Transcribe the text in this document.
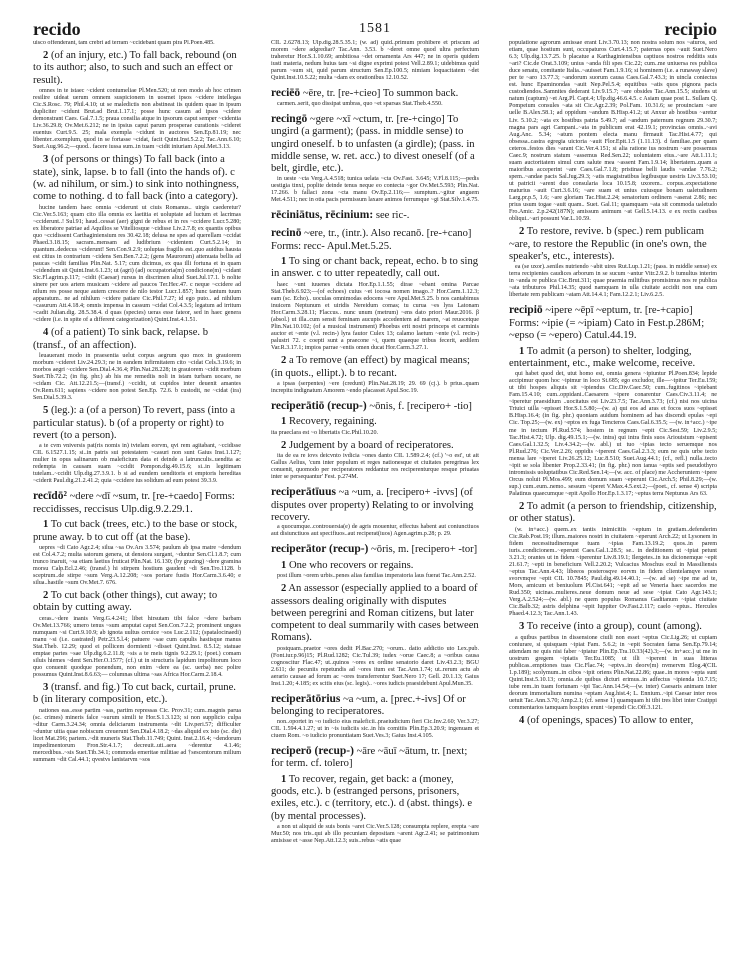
recido	1581	recipio

uisco offenderant, tam crebri ad terram ~ccidebant quam pira Pl.Poen.485.

2 (of an injury, etc.) To fall back, rebound (on to its author; also, to such and such an effect or result).

omnes in te istaec ~cident contumeliae Pl.Men.520; ut non modo ab hoc crimen resilire uideat uerum omnem suspicionem in uosmet ipsos ~cidere intellegas Cic.S.Rosc. 79; Phil.4.10; ut se maledictis non abstineat iis quidem quae in ipsum dupliciter ~cidunt Brut.ad Brut.1.17.1; posse hunc casum ad ipsos ~cidere demonstrant Caes. Gal.7.1.5; praua consilia atque in ipsorum caput semper ~cidentia Liv.36.29.8; Ov.Met.6.212; ne in ipsius caput parum prosperae curationis ~cideret euentus Curt.9.5. 25; mala exempla ~cidunt in auctores Sen.Ep.81.19; nec libenter..exemplum, quod in se fortasse ~cidat, facit Quint.Inst.5.2.2; Tac.Ann.6.10; Suet.Aug.96.2;—quod.. facere iussa sum..in tuam ~cidit iniuriam Apul.Met.3.13.

3 (of persons or things) To fall back (into a state), sink, lapse. b to fall (into the hands of). c (w. ad nihilum, or sim.) to sink into nothingness, come to nothing. d to fall back (into a category).

hucine tandem haec omnia ~ciderunt ut ciuis Romanus.. uirgis caederetur? Cic.Ver.5.163; quam cito illa omnia ex laetitia et uoluptate ad luctum et lacrimas ~cciderunt..! Sul.91; haud..cessat (aer) gigni de rebus et in res ~ccidere Lucr.5.280; ex liberatore patriae ad Aquilios se Vitelliosque ~cidisse Liv.2.7.8; ex quantis opibus quo ~ccidissent Carthaginiensium res 30.42.18; delusa ne spes ad querellam ~ccidat Phaed.3.18.15; sacram..mensam ad ludibrium ~cidentem Curt.5.2.14; in quantum..dedecus ~ciderunt! Sen.Con.9.2.9; uoluptas fragilis est..quo auidius hausta est citius in contrarium ~cidens Sen.Ben.7.2.2; (gens Maurorum) attenuata bellis ad paucas ~cidit familias Plin.Nat. 5.17; cum dicimus, ex qua illi fortuna et in quam ~cidendum sit Quint.Inst.6.1.23; ut (agri) (ad) occupatoria(m) condicione(m) ~cidant Sic.Fl.agrim.p.117; ~cidit (Caesar) rursus in discrimen aliud Suet.Jul.17.1. b nolite sinere per uos artem musicam ~cidere ad paucos Ter.Hec.47. c neque ~ccidere ad nilum res posse neque autem crescere de nilo testor Lucr.1.857; hunc tantum tuum apparatum.. ne ad nihilum ~cidere patiare Cic.Phil.7.27; id ego puto.. ad nihilum ~casurum Att.4.18.4; omnis impensa in cassum ~cidat Col.4.3.5; legatum ad irritum ~cadit Julian.dig. 28.5.38.4. d quas (species) ueras esse fateor, sed in haec genera ~cidere (i.e. in spite of a different categorization) Quint.Inst.4.1.51.

4 (of a patient) To sink back, relapse. b (transf., of an affection).

leuauerant modo in praesentia uelut corpus aegrum quo mox in grauiorem morbum ~cideret Liv.24.29.3; ne in eandem infirmitatem cito ~cidat Cels.3.19.6; in morbos aegri ~ccidere Sen.Dial.4.36.4; Plin.Nat.28.228; in grauiorem ~cidit morbum Suet.Tib.72.2; (in fig. phr.) ab his me remediis noli in istam turbam uocare, ne ~cidam Cic. Att.12.21.5;—(transf.) ~ccidit, ut cupidos inter deuenit amantes Ov.Rem.611; sapiens ~cidere non potest Sen.Ep. 72.6. b custodit, ne ~cidat (ira) Sen.Dial.5.39.3.

5 (leg.): a (of a person) To revert, pass (into a particular status). b (of a property or right) to revert (to a person).

a te cvm vniversis pat(ris nomis in) tvtelam eorvm, qvi rem agitabant, ~ccidisse CIL 6.1527.1.15; si..in patris sui potestatem ~casuri non sunt Gaius Inst.1.127; mulier in opus salinarum ob maleficium data et deinde a latrunculis..uendita ac redempta in causam suam ~ccidit Pompon.dig.49.15.6; si..in legitimam tutelam..~ccidit Ulp.dig.27.3.9.1. b si ad eundem uenditoris et emptoris hereditas ~ciderit Paul.dig.21.2.41.2; quia ~ccidere ius solidum ad eum potest 39.3.9.

recīdō² ~dere ~dī ~sum, tr. [re-+caedo] Forms: reccidisses, reccisus Ulp.dig.9.2.29.1.
1 To cut back (trees, etc.) to the base or stock, prune away. b to cut off (at the base).

uepres ~di Cato Agr.2.4; silua ~sa Ov.Ars 3.574; paulum ab ipsa matre ~dendum est Col.4.7.2; multa satorum genera, ut densiora surgant, ~duntur Sen.Cl.1.8.7; cum trunco inaruit, ~sa etiam laetius fruticat Plin.Nat. 16.130; (by grazing) ~dere gramina morsu Calp.Ecl.2.46; (transf.) hi stirpem hostium gaudent ~di Sen.Tro.1128. b sceptrum..de stirpe ~sum Verg.A.12.208; ~sos portare fustis Hor.Carm.3.6.40; e silua..hastile ~sum Ov.Met.7. 676.

2 To cut back (other things), cut away; to obtain by cutting away.

ceras..~dere inanis Verg.G.4.241; libet hirsutam tibi falce ~dere barbam Ov.Met.13.766; umero tenus ~sum amputat caput Sen.Con.7.2.2; prominent ungues numquam ~si Curt.9.10.9; ab ignota uultus ceruice ~sos Luc.2.112; (spatalocinaedi) manu ~si (i.e. castrated) Petr.23.5.l.4; patuere ~sae cum capulis hastisque manus Stat.Theb. 12.29; quod ei pollicem dormienti ~disset Quint.Inst. 8.5.12; statuae emptae partes ~sae Ulp.dig.6.2.11.8; ~sis a te meis tignis 9.2.29.1; (poet.) comam siluis hiemes ~dent Sen.Her.O.1577; (cf.) ut in structuris lapidum impolitorum loco quo conuenit quodque ponendum, non enim ~dere ea (sc. uerba) nec polire possumus Quint.Inst.8.6.63;— columnas ultima ~sas Africa Hor.Carm.2.18.4.

3 (transf. and fig.) To cut back, curtail, prune. b (in literary composition, etc.).

nationes eas..esse partim ~sas, partim repressas Cic. Prov.31; cum..magnis parua (sc. crimes) mineris falce ~surum simili te Hor.S.1.3.123; si non supplicio culpa ~ditur Carm.3.24.34; omnia deliciarum instrumenta ~dit Liv.peri.57; difficulter ~duntur uitia quae nobiscum creuerunt Sen.Dial.4.18.2; ~das aliquid ex isto (sc. die) licet Mat.296; partem..~dit muneris Stat.Theb.11.749; Quint. Inst.2.16.4; ~dendorum impedimentorum Fron.Str.4.1.7; decreuit..uti..aera ~derentur 4.1.46; mercedibus..~sis Suet.Tib.34.1; commoda emeritae militiae ad †sescentorum milium summam ~dit Cal.44.1; qvestvs lanistarvm ~sos

CIL 2.6278.13; Ulp.dig.28.5.35.1; (w. ad) quid..primum prohibere et priscum ad morem ~dere adgrediar? Tac.Ann. 3.53. b ~deret omne quod ultra perfectum traheretur Hor.S.1.10.69; ambitiosa ~det ornamenta Ars 447; ne in operis quidem iusti materia, nedum huius tam ~si digne exprimi potest Vell.2.89.1; uidebimus quid parum ~sum sit, quid parum structum Sen.Ep.100.5; nimiam loquacitatem ~det Quint.Inst.10.5.22; multa ~dam ex orationibus 12.10.52.

reciēō ~ēre, tr. [re-+cieo] To summon back.

carmen..serit, quo dissipat umbras, quo ~et sparsas Stat.Theb.4.550.

recingō ~gere ~xī ~ctum, tr. [re-+cingo] To ungird (a garment); (pass. in middle sense) to ungird oneself. b to unfasten (a girdle); (pass. in middle sense, w. ret. acc.) to divest oneself (of a belt, girdle, etc.).

in ueste ~cta Verg.A.4.518; tunica uelata ~cta Ov.Fast. 3.645; V.Fl.8.115;—pedis uestigia tinxi, poplite deinde tenus neque eo contecta ~gor Ov.Met.5.593; Plin.Nat. 17.266. b fallaci zona ~cta manu Ov.Ep.2.116;— sumptum..~gitur anguem Met.4.511; nec in otia pacis permissum laxare animos ferrumque ~gi Stat.Silv.1.4.75.

rēciniātus, rēcinium: see ric-.
recinō ~ere, tr., (intr.). Also recanō. [re-+cano] Forms: recc- Apul.Met.5.25.
1 To sing or chant back, repeat, echo. b to sing in answer. c to utter repeatedly, call out.

haec ~unt iuuenes dictata Hor.Ep.1.1.55; dirae ~ebant omina Parcae Stat.Theb.6.923;—(of echoes) cuius ~et iocosa nomen imago..? Hor.Carm.1.12.3; eam (sc. Echo).. uoculas omnimodas edocens ~ere Apul.Met.5.25. b nos cantabimus inuicem Neptunum et uiridis Nereidum comas; tu curua ~es lyra Latonam Hor.Carm.3.28.11; Flaccus.. nunc unum (metrum) ~ens dato priori Maur.2016. β (absol.) ut illa..cum sensit feminam aucupis accedentem ad marem, ~at reuocetque Plin.Nat.10.102; (of a musical instrument) Phoebus erit nostri princeps et carminis auctor et ~ente (v.l. recin-) lyra fautor Culex 13; calamo laetum ~ente (v.l. recin-) palustri 72. c coepti sunt a praecone ~i, quem quaeque tribus fecerit, aedilem Var.R.3.17.1; impios parrae ~entis omen ducat Hor.Carm.3.27.1.

2 a To remove (an effect) by magical means; (in quots., ellipt.). b to recant.

a ipsas (serpentes) ~ere (credunt) Plin.Nat.28.19; 29. 69 (cj.). b prius..quam increpitu indignatum Amorem ~endo placasset Apul.Soc.19.

reciperātiō (recup-) ~ōnis, f. [recipero+ -tio]
1 Recovery, regaining.

ita praeclara est ~o libertatis Cic.Phil.10.20.

2 Judgement by a board of reciperatores.

ita de ea re iovs deicvnto ivdicia ~ones danto CIL 1.589.2.4; (cf.) '~o est', ut ait Gallus Aelius, 'cum inter populum et reges nationesque et ciuitates peregrinas lex conuenit, quomodo per reciperatores reddantur res reciperenturque resque priuatas inter se persequantur' Fest. p.274M.

reciperātīuus ~a ~um, a. [recipero+ -ivvs] (of disputes over property) Relating to or involving recovery.

a quocumque..controuersia(e) de agris mouentur, effectus habent aut coniunctiuos aut disiunctiuos aut specifiuos..aut reciperat(iuos) Agen.agrim.p.28; p. 29.

reciperātor (recup-) ~ōris, m. [recipero+ -tor]
1 One who recovers or regains.

post illum ~orem urbis..penes alias familias imperatoria laus fuerat Tac.Ann.2.52.

2 An assessor (especially applied to a board of assessors dealing originally with disputes between peregrini and Roman citizens, but later competent to deal summarily with cases between Romans).

postquam..praetor ~ores dedit Pl.Bac.270; ~orum.. datio addictio uto Lex.pub.(Font.iur.p.96)15; Pl.Rud.1282; Cic.Tul.39; iudex ~orue Caec.8; a ~oribus causa cognoscitur Flac.47; ut..quinos ~ores ex ordine senatorio daret Liv.43.2.3; BGU 2.611; de pecuniis repetundis ad ~ores itum est Tac.Ann.1.74; ut..rerum actu ab aerario causae ad forum ac ~ores transferrentur Suet.Nero 17; Gell. 20.1.13; Gaius Inst.1.20; 4.185; ex scitis eius (sc. legis).. ~ores iudicis praesidebunt Apul.Mun.35.

reciperātōrius ~a ~um, a. [prec.+-ivs] Of or belonging to reciperatores.

non..oportet in ~o iudicio eius maleficii..praeiudicium fieri Cic.Inv.2.60; Ver.3.27; CIL 1.594.4.1.27; ut in ~is iudiciis sic..in his comitiis Plin.Ep.3.20.9; ingenuam et ciuem Rom. ~o iudicio pronuntiatam Suet.Ves.3; Gaius Inst.4.105.

reciperō (recup-) ~āre ~āuī ~ātum, tr. [next; for term. cf. tolero]
1 To recover, regain, get back: a (money, goods, etc.). b (estranged persons, prisoners, exiles, etc.). c (territory, etc.). d (abst. things). e (by mental processes).

a non ut aliquid de suis bonis ~aret Cic.Ver.5.128; consumpta replere, erepta ~are Mur.50; nos tris..qui ab illo pecuniam depositam ~arent Agr.2.41; se patrimonium amisisse et ~asse Nep.Att.12.3; suis..rebus ~atis quae

populatione agrorum amissae erant Liv.3.70.13; non nostra solum nos ~aturos, sed etiam, quae hostium sunt, occupaturos Curt.4.15.7; paternas opes ~auit Suet.Nero 6.3; Ulp.dig.13.7.25. b placatue a Karthaginiensibus captiuos nostros redditis suis ~ari? Cic.de Orat.3.109; unius ~anda fili spes Cic.22; cum..me uniuersa res publica duce senatu, comitante Italia..~auisset Fam.1.9.16; si hominem (i.e. a runaway slave) per te ~aro 13.77.3; ~andorum suorum causa Caes.Gal.7.43.3; in uincla coniectus est. hunc Epaminondas ~auit Nep.Pel.5.4; equitibus ~atis quos pignora pacis custodiendos..Samnites dederant Liv.9.15.7; ~are obsides Tac.Ann.15.5; studens ut natum (captum) ~et Arg.Pl. Capt.4; Ulp.dig.46.6.4.5. c Asiam quae post L. Sullam Q. Pompeium consules ~ata sit Cic.Agr.2.39; Pol.Fam. 10.31.6; se prouinciam ~are uelle B.Alex.58.1; ad oppidum ~andum B.Hisp.41.2; ut Anxur ab hostibus ~aretur Liv. 5.10.2; ~ata ex hostibus patria 5.49.7; ad ~andum paternum regnum 29.30.7; magna pars agri Campani..~ata in publicum erat 42.19.1; provincias omnis..~avi Aug.Anc. 5.34; ~atum pontem electa manu firmauit Tac.Hist.4.77; qui obsessa..castra egregia uictoria ~auit Flor.Epit.1.5 (1.11.13). d familiae..per quam ceteros..festos dies ~arant Cic.Ver.4.151; si alia ratione ius nostrum ~are possemus Caec.9; nostrum statum ~assemus Red.Sen.22; uoluntatem eius..~are Att.1.11.1; suam auctoritatem simul cum salute mea ~assent Fam.1.9.14; libertatem..quam a maioribus acceperint ~are Caes.Gal.7.1.8; pristinae belli laudis ~andae 7.76.2; spem..~andae pacis Sal.Jug.29.3; ~atis magistratibus legibusque uestris Liv.3.53.10; ut patricii ~arent duo consularia loca 10.15.8; uxorem.. corpus..expectatione maturius ~auit Curt.3.6.16; ~are suam et unius cuiusque bonam ualetudinem Larg.pr.p.5, 1.6; ~are gloriam Tac.Hist.2.24; senatorium ordinem ~aserat 2.86; nec prius usum togae ~auit quam.. Suet. Gal.11; quamquam ~ata sit commoda ualetudo Fro.Amic. 2.p.242(187N); amissum animum ~at Gell.5.14.13. e ex rectis casibus obliqui..~ari possunt Var.L.10.59.

2 To restore, revive. b (spec.) rem publicam ~are, to restore the Republic (in one's own, the speaker's, etc., interests).

ea (se uxor)..seniles nutriendo ~abit uires Rut.Lup.1.21; (pass. in middle sense) ex terra recipientes caudices arborum in se sucum ~antur Vitr.2.9.2. b tumultus interim in ~anda re publica Cic.Brut.311; quae praemia militibus promisimus nos re publica ~ata tributuros Phil.14.35; quod namquam in ulla ciuitate accidit non una cum libertate rem publicam ~atam Att.14.4.1; Fam.12.2.1; Liv.6.2.5.

recipiō ~ipere ~ēpī ~eptum, tr. [re-+capio] Forms: ~ipie (= ~ipiam) Cato in Fest.p.286M; ~epso (= ~epero) Catul.44.19.
1 To admit (a person) to shelter, lodging, entertainment, etc., make welcome, receive.

qui habet quod det, utut homo est, omnia genera ~ipiuntur Pl.Poen.834; lepide accipimur quom hoc ~ipimur in loco St.685; ego excludor, ille—~ipitur Ter.Eu.159; ut tibi hospes aliquis sit ~ipiendus Cic.Div.Caec.50; cum..fugitinos ~ipiebant Fam.15.4.10; cum..oppidani..Caesarem ~ipere conarentur Caes.Civ.3.11.4; ne ~iperetur praesidium ..uocitatus est Liv.23.7.5; Tac.Ann.3.73; (cf.) nisi nos uicina Triuici uilla ~episset Hor.S.1.5.80;—(w. a) qui eos ad aras et focos suos ~episset B.Hisp.16.4; (in fig. phr.) quoniam auidum hominem ad has discendi epulas ~epi Cic. Top.25;—(w. ex) ~eptos ex fuga Tencteros Caes.Gal.6.35.5; —(w. in+acc.) ~ipe me in tectum Pl.Rud.574; hostem in regnum ~epit Cic.Sest.59; Liv.2.9.5; Tac.Hist.4.72; Ulp. dig.49.15.1;—(w. intra) qui intra finis suos Ariouistum ~episent Caes.Gal.1.32.5; Liv.4.34.2;—(w. abl.) ut tuo ~ipias tecto seruemque nos Pl.Rud.276; Cic.Ver.2.26; oppidis ~iperent Caes.Gal.2.3.3; eum ne quis urbe tecto mensa lare ~iperet Liv.26.25.12; Luc.8.510; Suet.Aug.44.1; (cf., refl.) nulla..tecto ~ipit se sola libenter Prop.2.33.41; (in fig. phr.) non ianua ~eptis sed pseudothyro intromissis uoluptatibus Cic.Red.Sen.14;—(w. acc. of place) me Accheruntem ~ipere Orcus noluit Pl.Mos.499; eum domum suam ~eperunt Cic.Arch.5; Phil.8.29;—(w. sup.) cum..eum..nemo.. sessum ~iperet V.Max.4.5.ext.2;—(poet., cf. sense 4) scripta Palatinus quaecumque ~epit Apollo Hor.Ep.1.3.17; ~eptus terra Neptunus Ars 63.

2 To admit (a person to friendship, citizenship, or other status).

(w. in+acc.) quem..ex tantis inimicitiis ~eptum in gratiam..defenderim Cic.Rab.Post.19; illum..maiores nostri in ciuitatem ~eperunt Arch.22; ut Lysonem in fidem necessitudinemque tuam ~ipias Fam.13.19.2; quos..in parem iuris..condicionem..~eperunt Caes.Gal.1.28.5; se.. in deditionem ut ~ipiat petunt 3.21.3; orantes ut in fidem ~iperentur Liv.8.19.1; Ilergetes..in ius dicionemque ~epit 21.61.7; ~epti in beneficium Vell.2.20.2; Vulcacius Moschus exul in Massiliensis ~eptus Tac.Ann.4.43; libeeos posterosqve eorvm in fidem clientelamqve svam svorvmqve ~epit CIL 10.7845; Paul.dig.49.14.40.1; —(w. ad se) ~ipe me ad te, Mors, amicum et beniuolum Pl.Cist.641; ~epit ad se Veneria haec sacerdos me Rud.350; uicinas..mulieres..neue domum neue ad sese ~ipiat Cato Agr.143.1; Verg.A.2.524;—(w. abl.) ne quem populus Romanus Gaditanum ~ipiat ciuitate Cic.Balb.32; astris delphina ~epit Iuppiter Ov.Fast.2.117; caelo ~eptus.. Hercules Phaed.4.12.3; Tac.Ann.1.43.

3 To receive (into a group), count (among).

a quibus partibus in dissensione ciuili non esset ~eptus Cic.Lig.26; ut cupiam coniurare, si quisquam ~ipiat Fam. 5.6.2; in ~epit Socraten fama Sen.Ep.79.14; attendam ne quis nisi faber ~ipiatur Plin.Ep.Tra.10.33(42).3;—(w. in+acc.) ut me in uostrum gregem ~ipiatis Ter.Eu.1085; ut illi ~iperent in suas litteras publicas..emptiones tuas Cic.Flac.74; ~eptvs..in deorv(m) nvmervm Elog.4(CIL 1.p.189); scolymum..in cibos ~ipit oriens Plin.Nat.22.86; quae..in mores ~epta sunt Quint.Inst.5.10.13; omnia..de quibus dicturi erimus..in adfectus ~ipienda 10.7.15; iube rem..in tuam fortunam ~ipi Tac.Ann.14.54;—(w. inter) Caesaris animam inter deorum immortalium numina ~eptam Aug.hist.4; L. Ennium..~ipi Caesar inter reos uetuit Tac.Ann.3.70; Amp.2.1; (cf. sense 1) quamquam hi tibi tres libri inter Cratippi commentarios tamquam hospites erunt ~iependi Cic.Off.3.121.

4 (of openings, spaces) To allow to enter,
